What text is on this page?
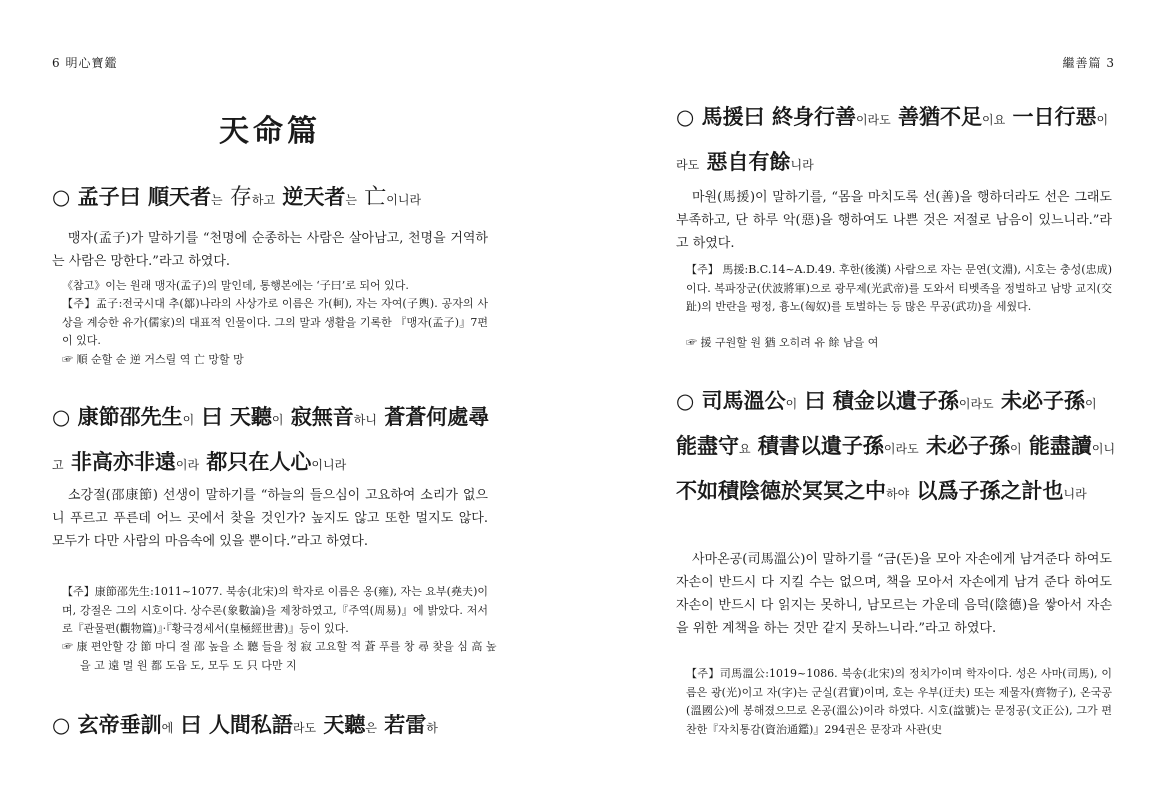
6 明心寶鑑	繼善篇 3
天命篇
○ 孟子曰 順天者는 存하고 逆天者는 亡이니라
맹자(孟子)가 말하기를 “천명에 순종하는 사람은 살아남고, 천명을 거역하는 사람은 망한다.”라고 하였다.
《참고》이는 원래 맹자(孟子)의 말인데, 통행본에는 ‘子曰’로 되어 있다.
【주】孟子:전국시대 추(鄒)나라의 사상가로 이름은 가(軻), 자는 자여(子輿). 공자의 사상을 계승한 유가(儒家)의 대표적 인물이다. 그의 말과 생활을 기록한 『맹자(孟子)』7편이 있다.
☞ 順 순할 순 逆 거스릴 역 亡 망할 망
○ 康節邵先生이 曰 天聽이 寂無音하니 蒼蒼何處尋고 非高亦非遠이라 都只在人心이니라
소강절(邵康節) 선생이 말하기를 “하늘의 들으심이 고요하여 소리가 없으니 푸르고 푸른데 어느 곳에서 찾을 것인가? 높지도 않고 또한 멀지도 않다. 모두가 다만 사람의 마음속에 있을 뿐이다.”라고 하였다.
【주】康節邵先生:1011~1077. 북송(北宋)의 학자로 이름은 옹(雍), 자는 요부(堯夫)이며, 강절은 그의 시호이다. 상수론(象數論)을 제창하였고,『주역(周易)』에 밝았다. 저서로『관물편(觀物篇)』·『황극경세서(皇極經世書)』등이 있다.
☞ 康 편안할 강 節 마디 절 邵 높을 소 聽 들을 청 寂 고요할 적 蒼 푸를 창 尋 찾을 심 高 높을 고 遠 멀 원 都 도읍 도, 모두 도 只 다만 지
○ 玄帝垂訓에 曰 人間私語라도 天聽은 若雷하
○ 馬援曰 終身行善이라도 善猶不足이요 一日行惡이라도 惡自有餘니라
마원(馬援)이 말하기를, “몸을 마치도록 선(善)을 행하더라도 선은 그래도 부족하고, 단 하루 악(惡)을 행하여도 나쁜 것은 저절로 남음이 있느니라.”라고 하였다.
【주】 馬援:B.C.14~A.D.49. 후한(後漢) 사람으로 자는 문연(文淵), 시호는 충성(忠成)이다. 복파장군(伏波將軍)으로 광무제(光武帝)를 도와서 티벳족을 정벌하고 남방 교지(交趾)의 반란을 평정, 흉노(匈奴)를 토벌하는 등 많은 무공(武功)을 세웠다.
☞ 援 구원할 원 猶 오히려 유 餘 남을 여
○ 司馬溫公이 曰 積金以遺子孫이라도 未必子孫이 能盡守요 積書以遺子孫이라도 未必子孫이 能盡讀이니 不如積陰德於冥冥之中하야 以爲子孫之計也니라
사마온공(司馬溫公)이 말하기를 “금(돈)을 모아 자손에게 남겨준다 하여도 자손이 반드시 다 지킬 수는 없으며, 책을 모아서 자손에게 남겨 준다 하여도 자손이 반드시 다 읽지는 못하니, 남모르는 가운데 음덕(陰德)을 쌓아서 자손을 위한 계책을 하는 것만 같지 못하느니라.”라고 하였다.
【주】司馬溫公:1019~1086. 북송(北宋)의 정치가이며 학자이다. 성은 사마(司馬), 이름은 광(光)이고 자(字)는 군실(君實)이며, 호는 우부(迂夫) 또는 제물자(齊物子), 온국공(溫國公)에 봉해졌으므로 온공(溫公)이라 하였다. 시호(諡號)는 문정공(文正公), 그가 편찬한『자치통감(資治通鑑)』294권은 문장과 사관(史
